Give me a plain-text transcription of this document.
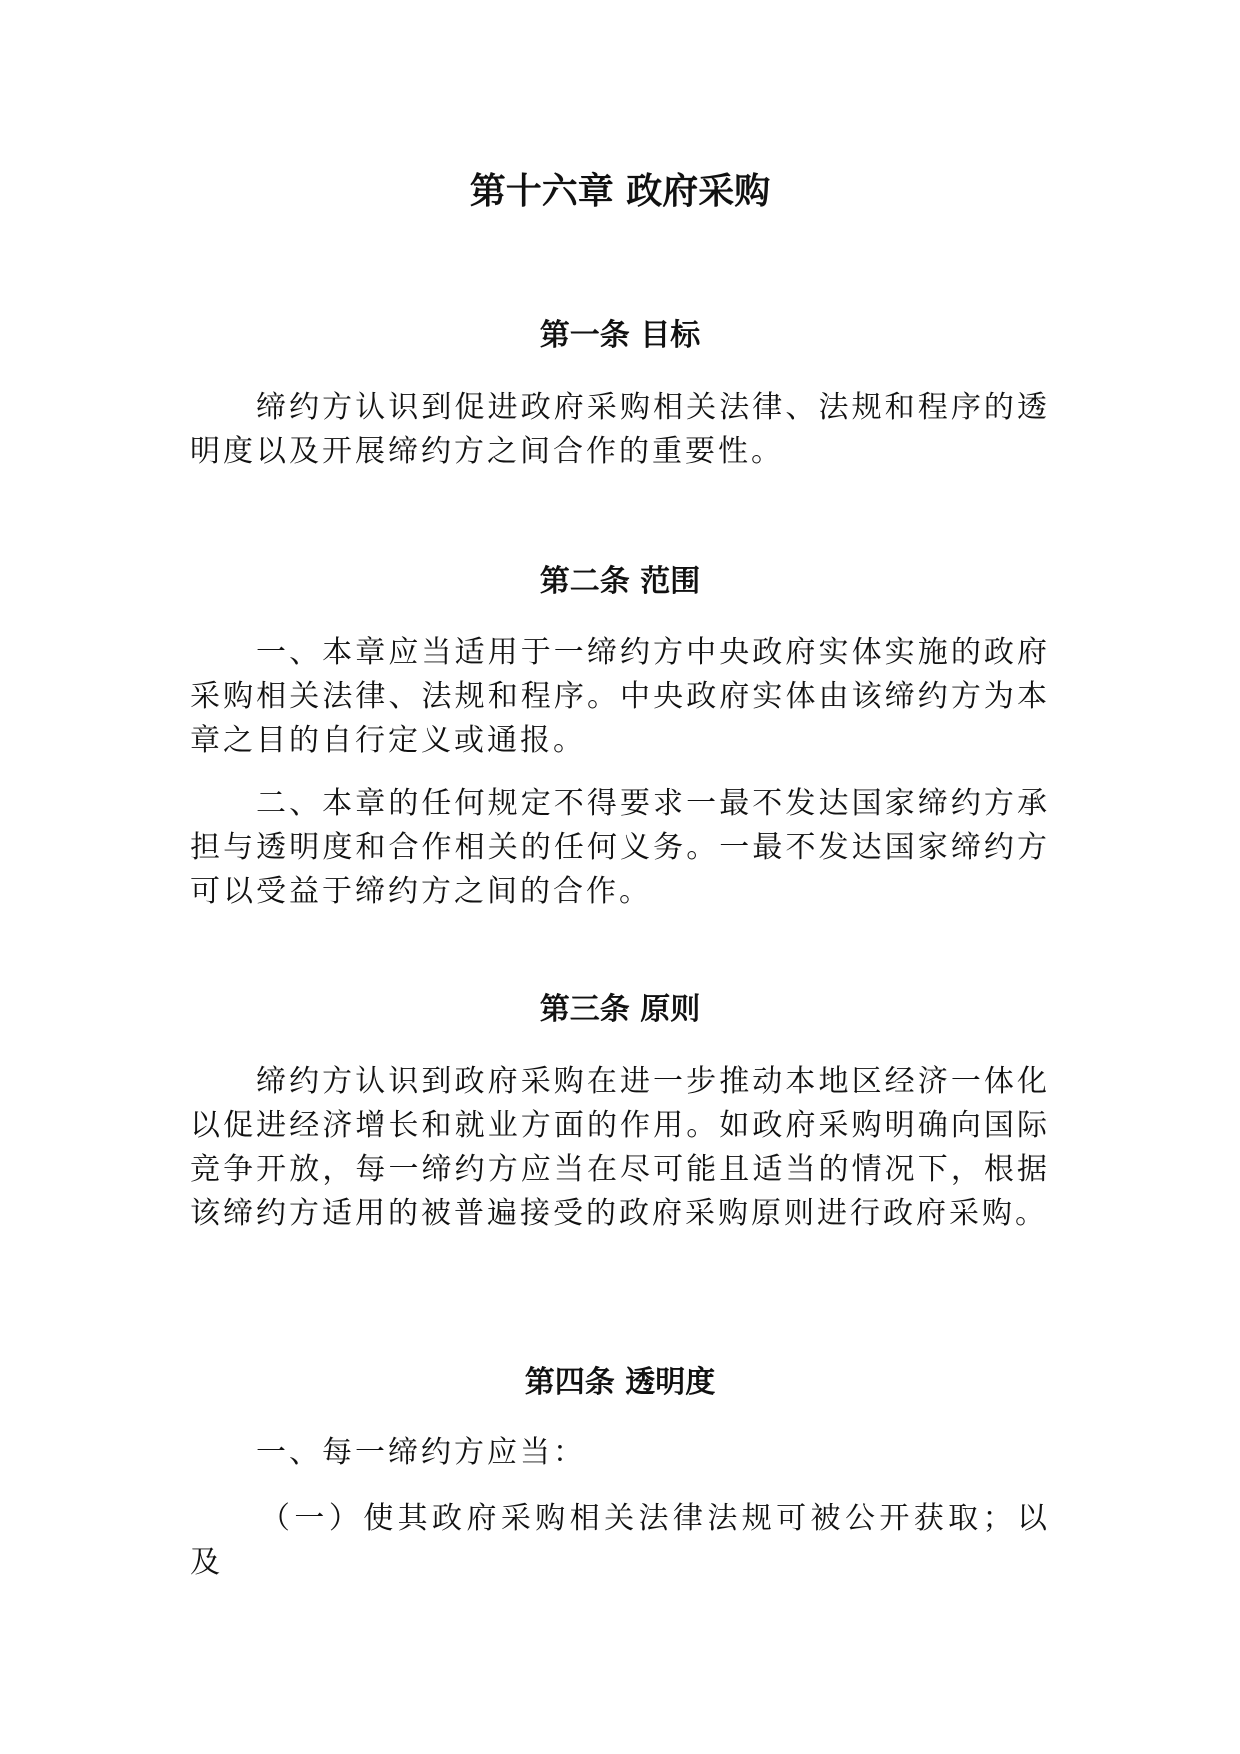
第十六章 政府采购
第一条 目标

缔约方认识到促进政府采购相关法律、法规和程序的透明度以及开展缔约方之间合作的重要性。

第二条 范围

一、本章应当适用于一缔约方中央政府实体实施的政府采购相关法律、法规和程序。中央政府实体由该缔约方为本章之目的自行定义或通报。

二、本章的任何规定不得要求一最不发达国家缔约方承担与透明度和合作相关的任何义务。一最不发达国家缔约方可以受益于缔约方之间的合作。

第三条 原则

缔约方认识到政府采购在进一步推动本地区经济一体化以促进经济增长和就业方面的作用。如政府采购明确向国际竞争开放，每一缔约方应当在尽可能且适当的情况下，根据该缔约方适用的被普遍接受的政府采购原则进行政府采购。

第四条 透明度

一、每一缔约方应当：

（一）使其政府采购相关法律法规可被公开获取；以及
